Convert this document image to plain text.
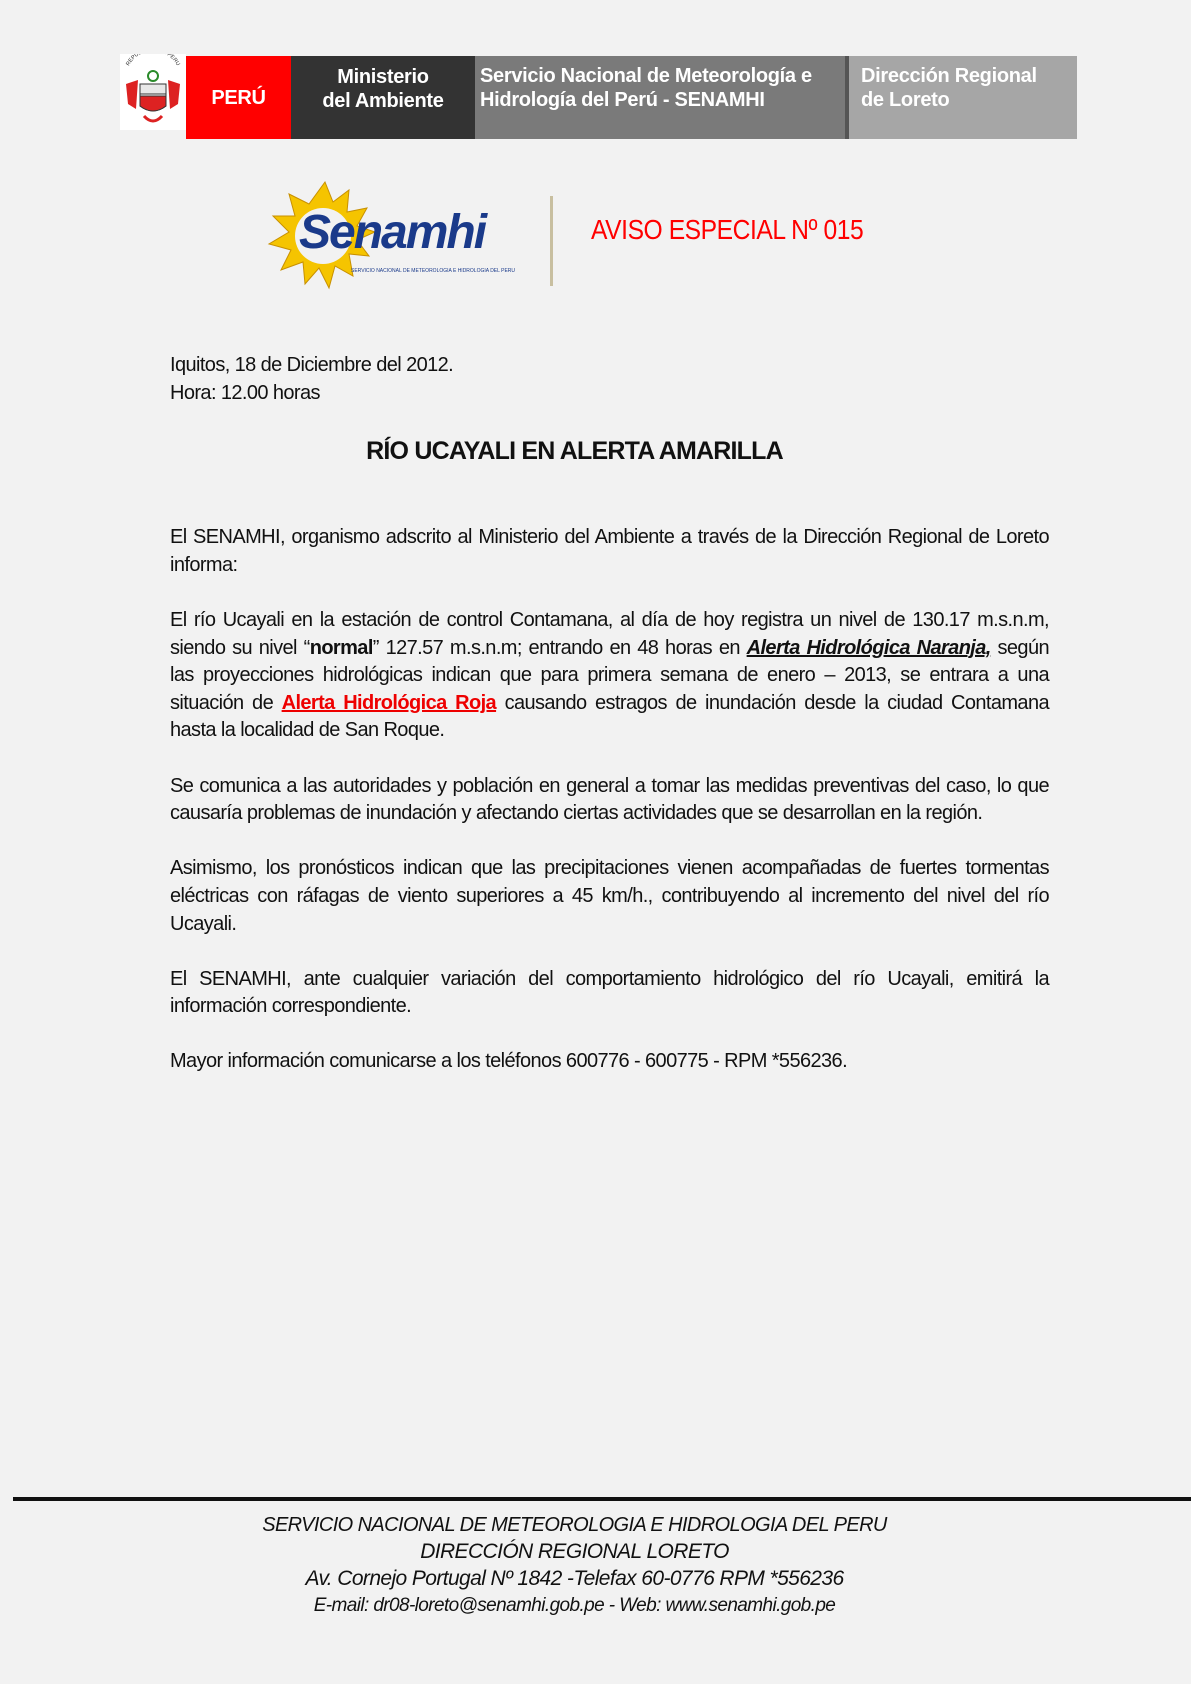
REPU PERU
PERÚ
Ministerio
del Ambiente
Servicio Nacional de Meteorología e
Hidrología del Perú - SENAMHI
Dirección Regional
de Loreto
Senamhi
SERVICIO NACIONAL DE METEOROLOGIA E HIDROLOGIA DEL PERU
AVISO ESPECIAL Nº 015

Iquitos, 18 de Diciembre del 2012.

Hora: 12.00 horas

RÍO UCAYALI EN ALERTA AMARILLA

El SENAMHI, organismo adscrito al Ministerio del Ambiente a través de la Dirección Regional de Loreto informa:

El río Ucayali en la estación de control Contamana, al día de hoy registra un nivel de 130.17 m.s.n.m, siendo su nivel “normal” 127.57 m.s.n.m; entrando en 48 horas en Alerta Hidrológica Naranja, según las proyecciones hidrológicas indican que para primera semana de enero – 2013, se entrara a una situación de Alerta Hidrológica Roja causando estragos de inundación desde la ciudad Contamana hasta la localidad de San Roque.

Se comunica a las autoridades y población en general a tomar las medidas preventivas del caso, lo que causaría problemas de inundación y afectando ciertas actividades que se desarrollan en la región.

Asimismo, los pronósticos indican que las precipitaciones vienen acompañadas de fuertes tormentas eléctricas con ráfagas de viento superiores a 45 km/h., contribuyendo al incremento del nivel del río Ucayali.

El SENAMHI, ante cualquier variación del comportamiento hidrológico del río Ucayali, emitirá la información correspondiente.

Mayor información comunicarse a los teléfonos 600776 - 600775 - RPM *556236.

SERVICIO NACIONAL DE METEOROLOGIA E HIDROLOGIA DEL PERU
DIRECCIÓN REGIONAL LORETO
Av. Cornejo Portugal Nº 1842 -Telefax 60-0776 RPM *556236
E-mail: dr08-loreto@senamhi.gob.pe - Web: www.senamhi.gob.pe
